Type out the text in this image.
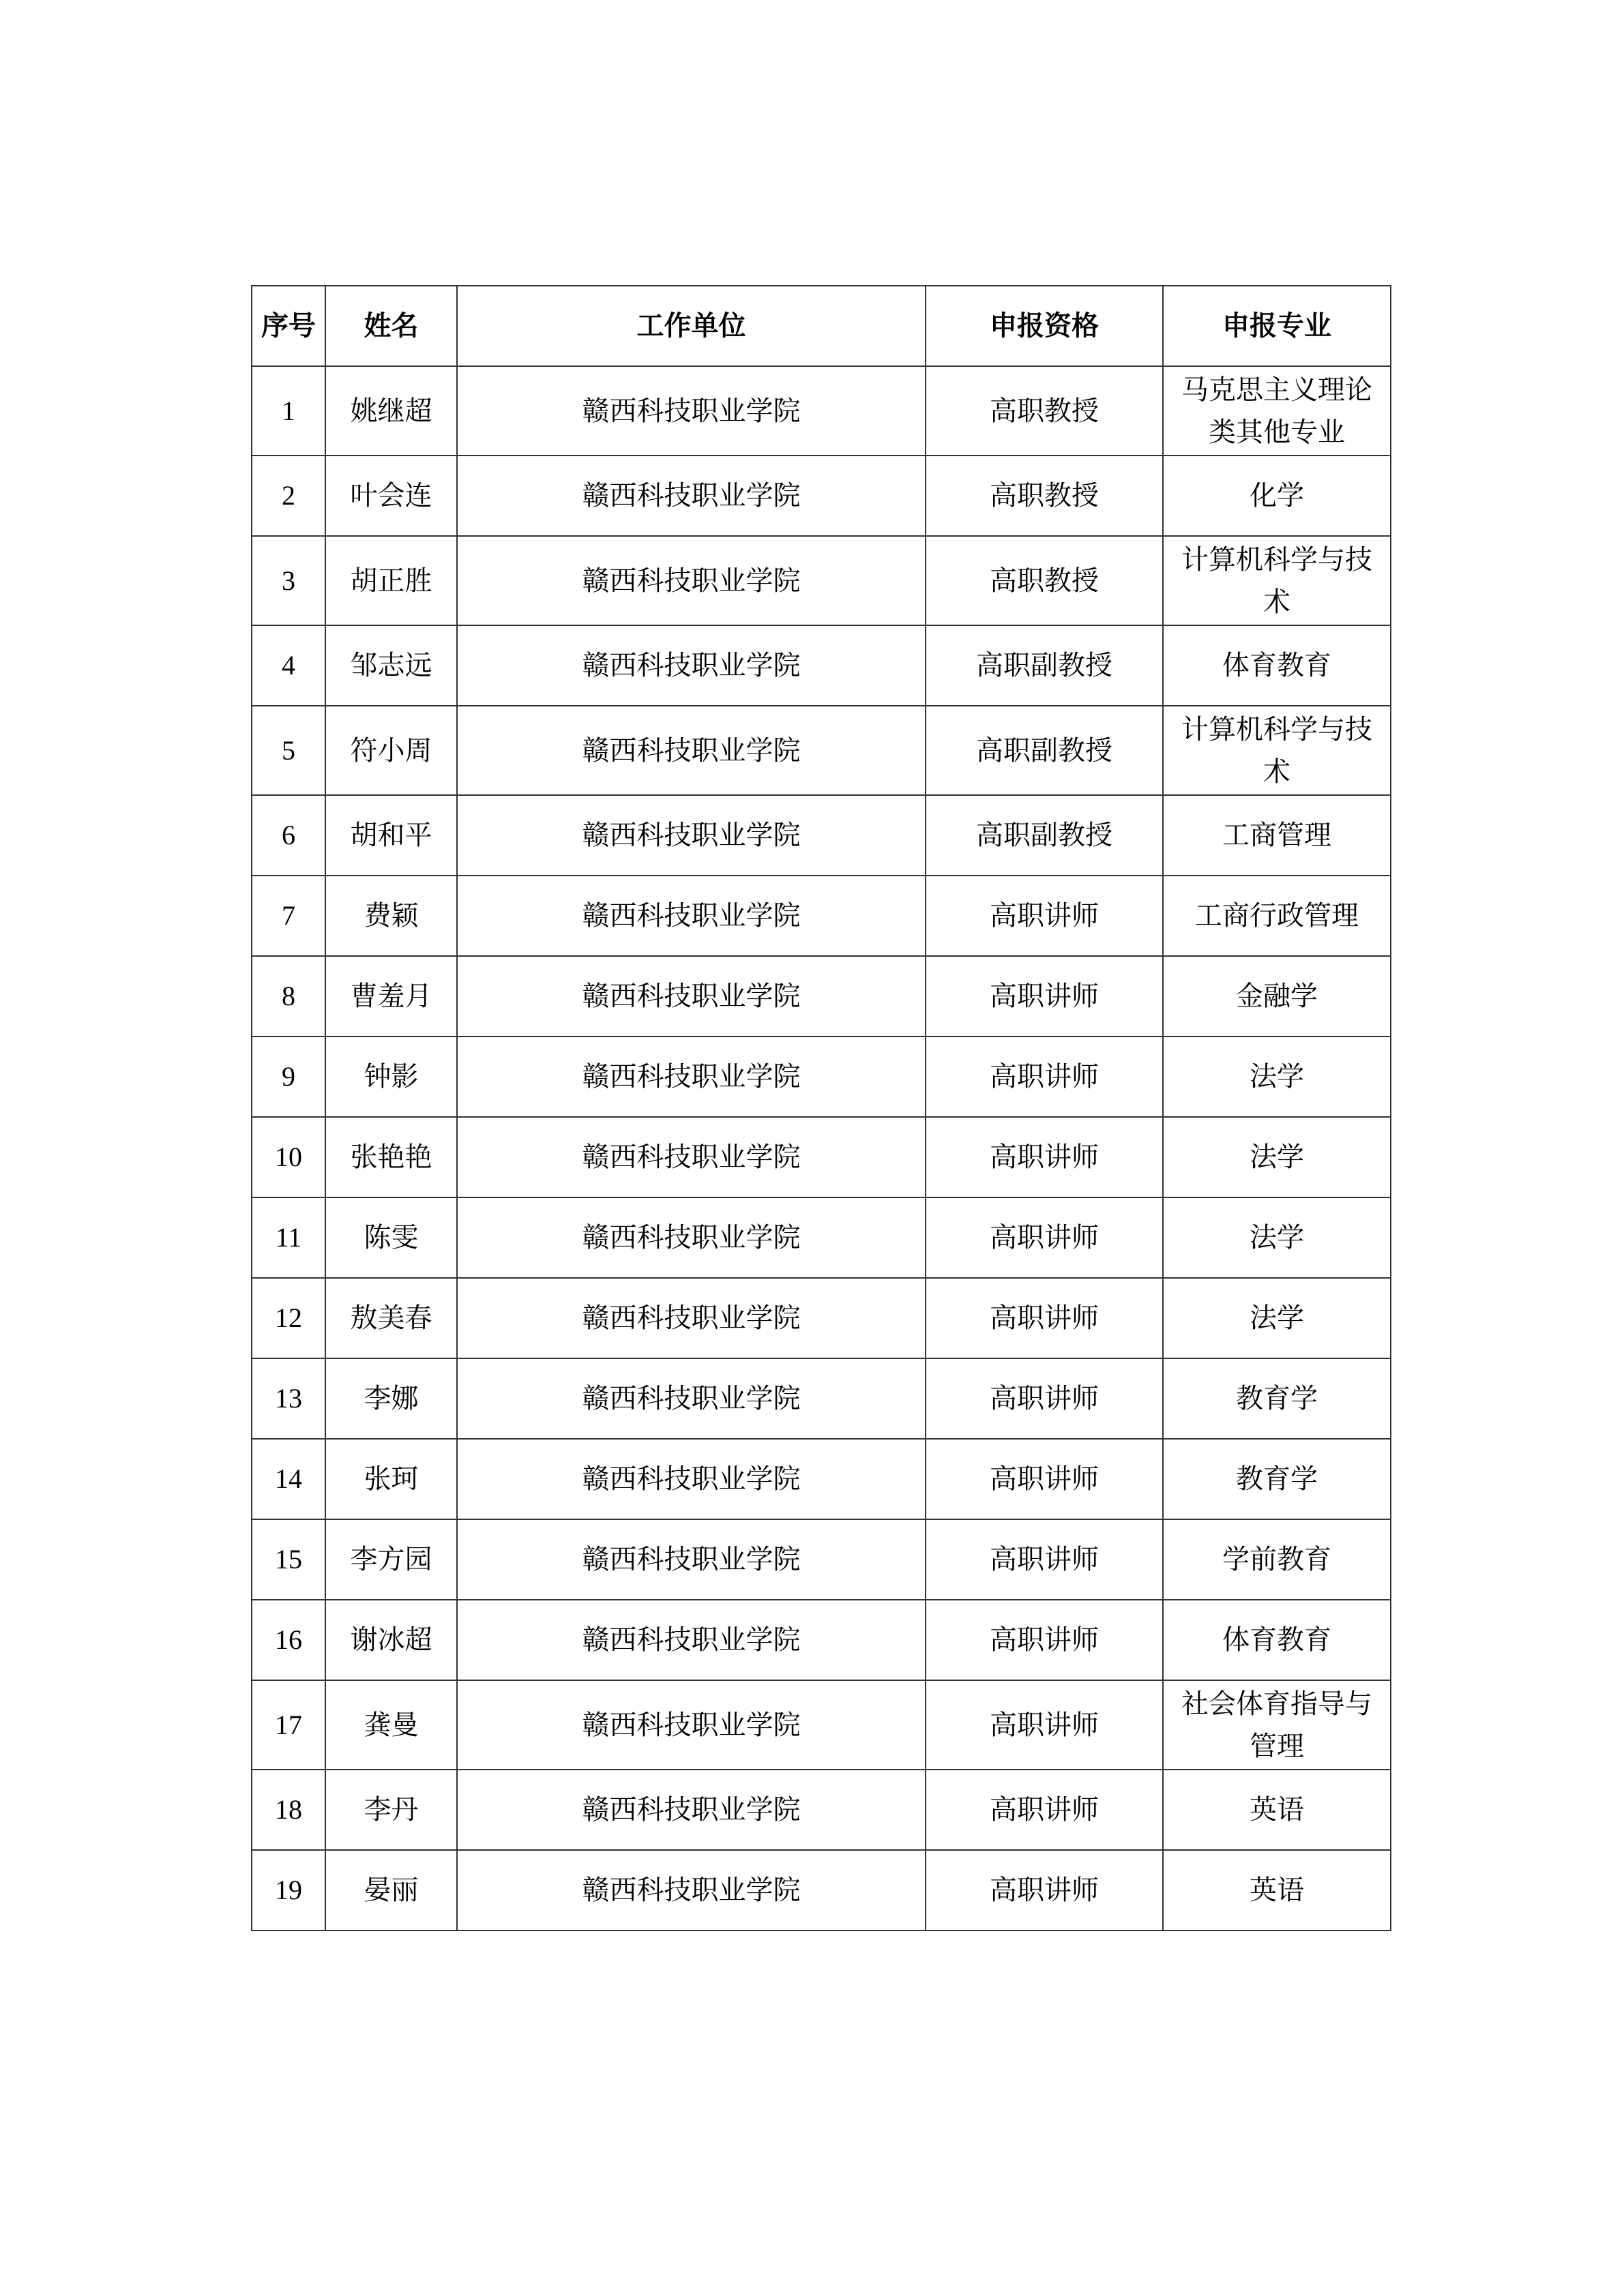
序号	姓名	工作单位	申报资格	申报专业
1	姚继超	赣西科技职业学院	高职教授	马克思主义理论类其他专业
2	叶会连	赣西科技职业学院	高职教授	化学
3	胡正胜	赣西科技职业学院	高职教授	计算机科学与技术
4	邹志远	赣西科技职业学院	高职副教授	体育教育
5	符小周	赣西科技职业学院	高职副教授	计算机科学与技术
6	胡和平	赣西科技职业学院	高职副教授	工商管理
7	费颖	赣西科技职业学院	高职讲师	工商行政管理
8	曹羞月	赣西科技职业学院	高职讲师	金融学
9	钟影	赣西科技职业学院	高职讲师	法学
10	张艳艳	赣西科技职业学院	高职讲师	法学
11	陈雯	赣西科技职业学院	高职讲师	法学
12	敖美春	赣西科技职业学院	高职讲师	法学
13	李娜	赣西科技职业学院	高职讲师	教育学
14	张珂	赣西科技职业学院	高职讲师	教育学
15	李方园	赣西科技职业学院	高职讲师	学前教育
16	谢冰超	赣西科技职业学院	高职讲师	体育教育
17	龚曼	赣西科技职业学院	高职讲师	社会体育指导与管理
18	李丹	赣西科技职业学院	高职讲师	英语
19	晏丽	赣西科技职业学院	高职讲师	英语
